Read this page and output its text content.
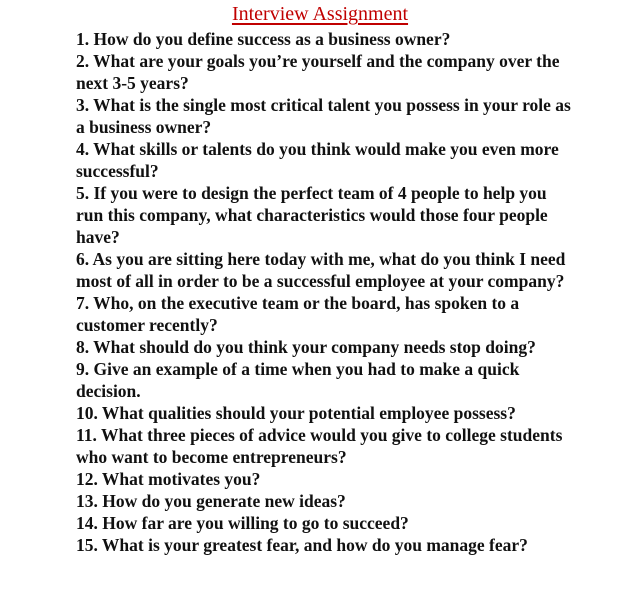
Interview Assignment
1. How do you define success as a business owner?
2. What are your goals you’re yourself and the company over the next 3-5 years?
3. What is the single most critical talent you possess in your role as a business owner?
4. What skills or talents do you think would make you even more successful?
5. If you were to design the perfect team of 4 people to help you run this company, what characteristics would those four people have?
6. As you are sitting here today with me, what do you think I need most of all in order to be a successful employee at your company?
7. Who, on the executive team or the board, has spoken to a customer recently?
8. What should do you think your company needs stop doing?
9. Give an example of a time when you had to make a quick decision.
10. What qualities should your potential employee possess?
11. What three pieces of advice would you give to college students who want to become entrepreneurs?
12. What motivates you?
13. How do you generate new ideas?
14. How far are you willing to go to succeed?
15. What is your greatest fear, and how do you manage fear?
